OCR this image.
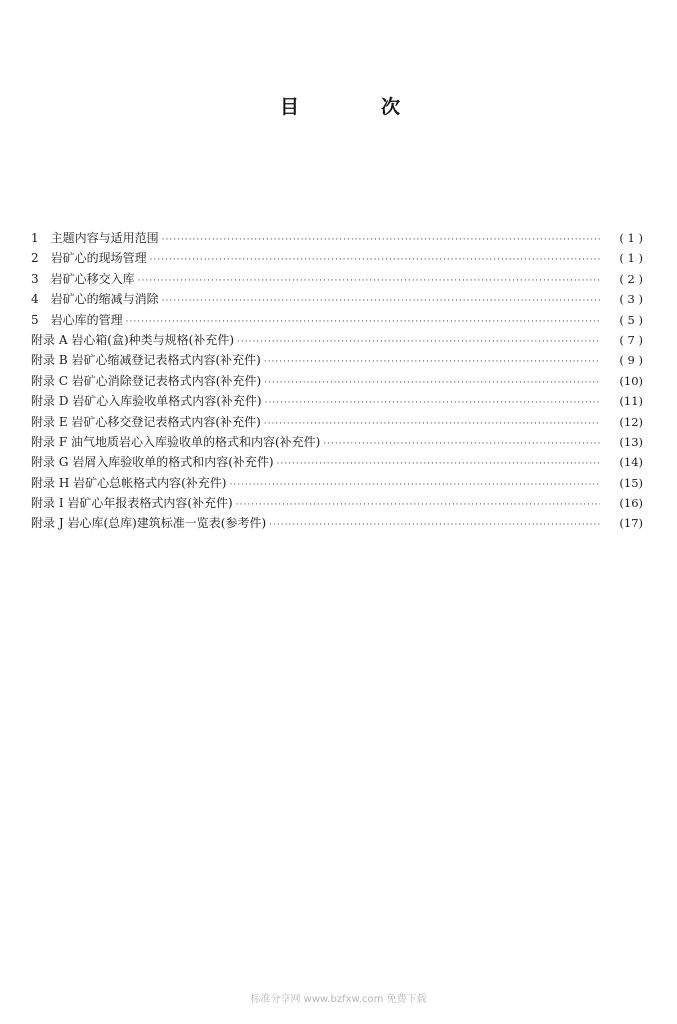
目	次
1　主题内容与适用范围 ·····	( 1 )
2　岩矿心的现场管理 ·····	( 1 )
3　岩矿心移交入库 ·····	( 2 )
4　岩矿心的缩减与消除 ·····	( 3 )
5　岩心库的管理 ·····	( 5 )
附录 A 岩心箱(盒)种类与规格(补充件) ·····	( 7 )
附录 B 岩矿心缩减登记表格式内容(补充件) ·····	( 9 )
附录 C 岩矿心消除登记表格式内容(补充件) ·····	(10)
附录 D 岩矿心入库验收单格式内容(补充件) ·····	(11)
附录 E 岩矿心移交登记表格式内容(补充件) ·····	(12)
附录 F 油气地质岩心入库验收单的格式和内容(补充件) ·····	(13)
附录 G 岩屑入库验收单的格式和内容(补充件) ·····	(14)
附录 H 岩矿心总帐格式内容(补充件) ·····	(15)
附录 I 岩矿心年报表格式内容(补充件) ·····	(16)
附录 J 岩心库(总库)建筑标准一览表(参考件) ·····	(17)
标准分享网 www.bzfxw.com 免费下载
